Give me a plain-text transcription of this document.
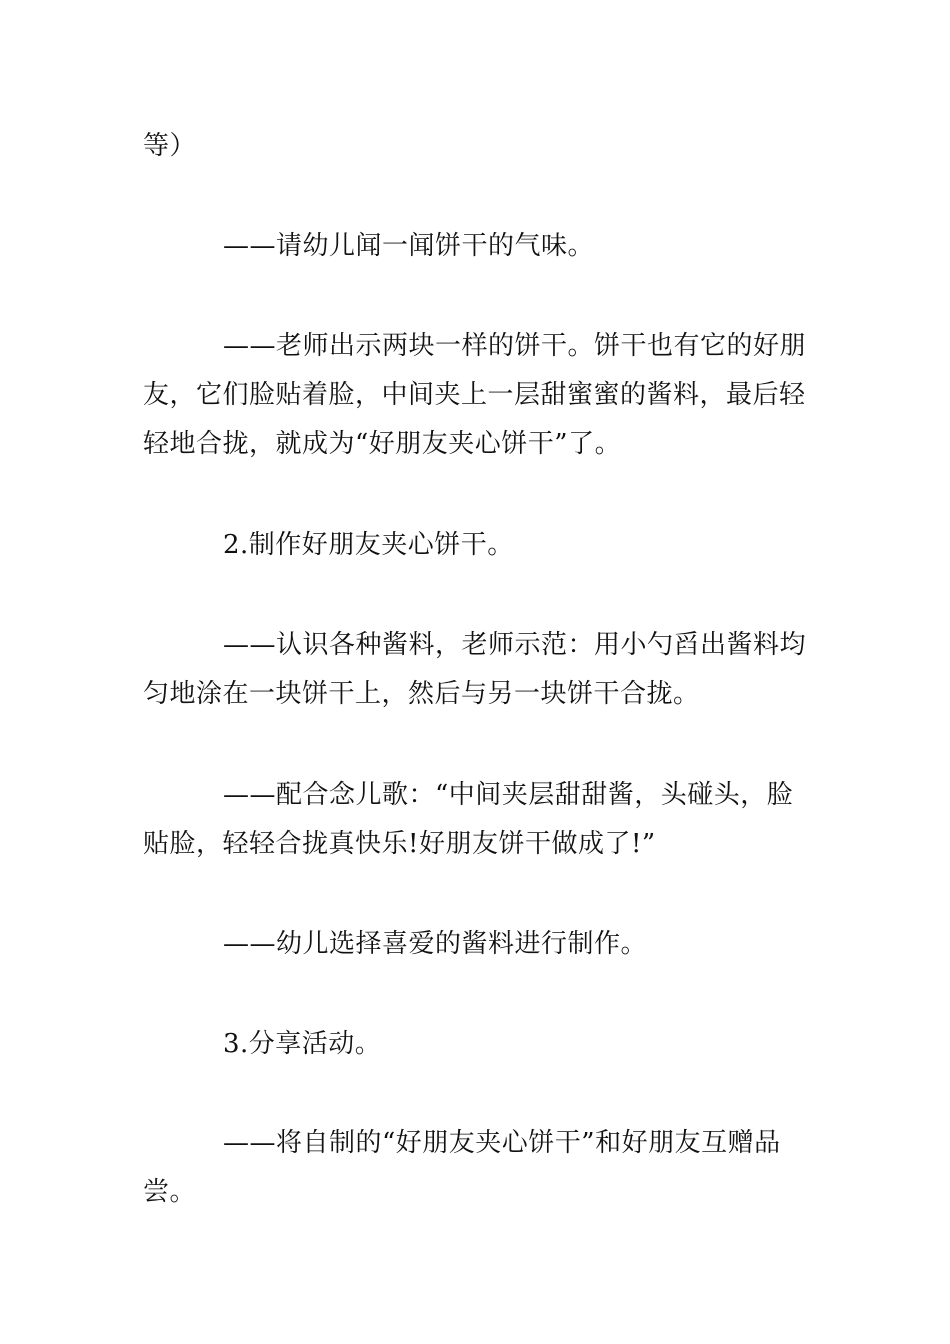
等）

——请幼儿闻一闻饼干的气味。

——老师出示两块一样的饼干。饼干也有它的好朋
友，它们脸贴着脸，中间夹上一层甜蜜蜜的酱料，最后轻
轻地合拢，就成为“好朋友夹心饼干”了。

2.制作好朋友夹心饼干。

——认识各种酱料，老师示范：用小勺舀出酱料均
匀地涂在一块饼干上，然后与另一块饼干合拢。

——配合念儿歌：“中间夹层甜甜酱，头碰头，脸
贴脸，轻轻合拢真快乐!好朋友饼干做成了!”

——幼儿选择喜爱的酱料进行制作。

3.分享活动。

——将自制的“好朋友夹心饼干”和好朋友互赠品
尝。
